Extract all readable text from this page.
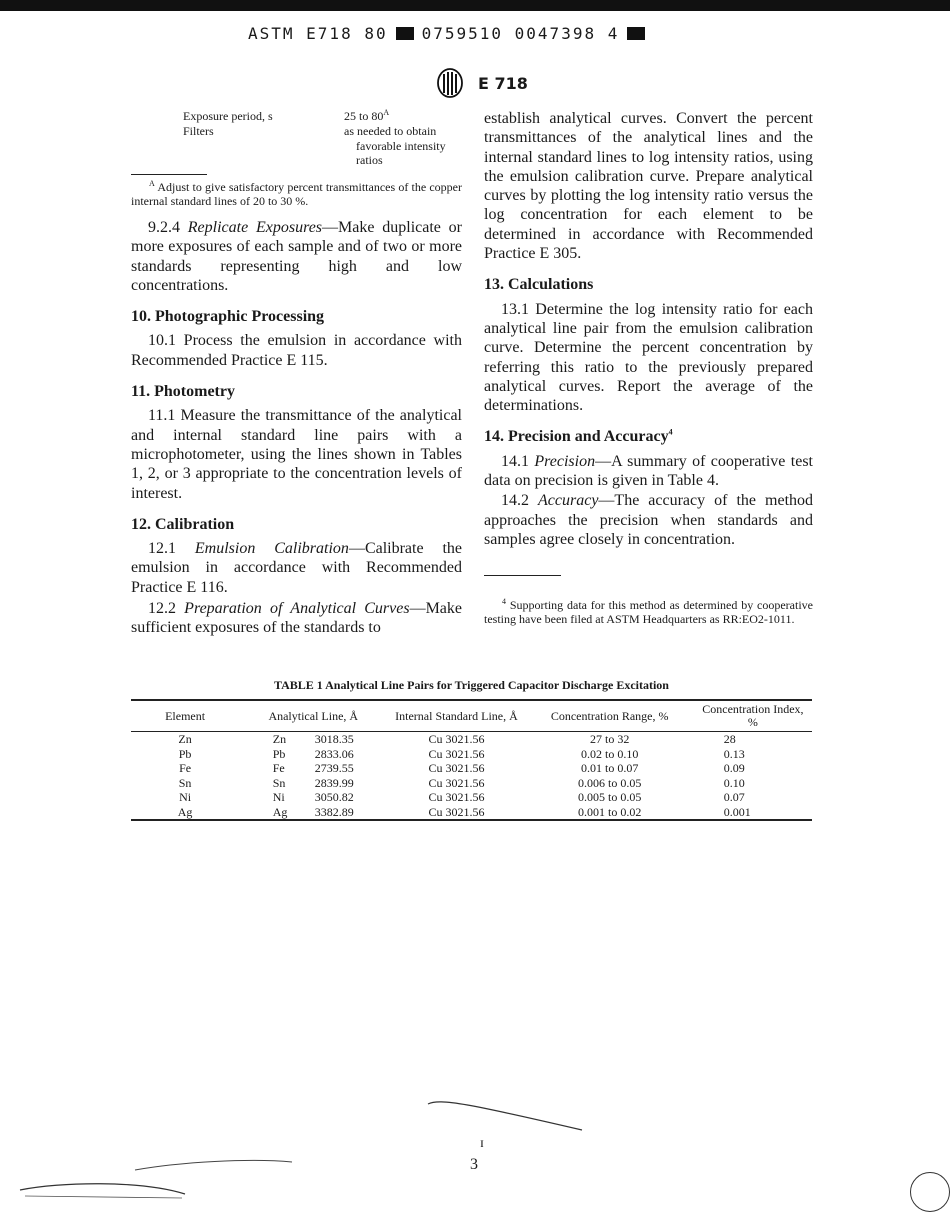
ASTM E718 80 0759510 0047398 4
E 718
Exposure period, s	25 to $80^A$
Filters	as needed to obtain favorable intensity ratios

$^A$ Adjust to give satisfactory percent transmittances of the copper internal standard lines of 20 to 30 %.

9.2.4 Replicate Exposures—Make duplicate or more exposures of each sample and of two or more standards representing high and low concentrations.

10. Photographic Processing

10.1 Process the emulsion in accordance with Recommended Practice E 115.

11. Photometry

11.1 Measure the transmittance of the analytical and internal standard line pairs with a microphotometer, using the lines shown in Tables 1, 2, or 3 appropriate to the concentration levels of interest.

12. Calibration

12.1 Emulsion Calibration—Calibrate the emulsion in accordance with Recommended Practice E 116.

12.2 Preparation of Analytical Curves—Make sufficient exposures of the standards to

establish analytical curves. Convert the percent transmittances of the analytical lines and the internal standard lines to log intensity ratios, using the emulsion calibration curve. Prepare analytical curves by plotting the log intensity ratio versus the log concentration for each element to be determined in accordance with Recommended Practice E 305.

13. Calculations

13.1 Determine the log intensity ratio for each analytical line pair from the emulsion calibration curve. Determine the percent concentration by referring this ratio to the previously prepared analytical curves. Report the average of the determinations.

14. Precision and Accuracy$^4$

14.1 Precision—A summary of cooperative test data on precision is given in Table 4.

14.2 Accuracy—The accuracy of the method approaches the precision when standards and samples agree closely in concentration.

$^4$ Supporting data for this method as determined by cooperative testing have been filed at ASTM Headquarters as RR:EO2-1011.

TABLE 1 Analytical Line Pairs for Triggered Capacitor Discharge Excitation
Element	Analytical Line, Å	Internal Standard Line, Å	Concentration Range, %	Concentration Index, %
Zn	Zn 3018.35	Cu 3021.56	27 to 32	28
Pb	Pb 2833.06	Cu 3021.56	0.02 to 0.10	0.13
Fe	Fe 2739.55	Cu 3021.56	0.01 to 0.07	0.09
Sn	Sn 2839.99	Cu 3021.56	0.006 to 0.05	0.10
Ni	Ni 3050.82	Cu 3021.56	0.005 to 0.05	0.07
Ag	Ag 3382.89	Cu 3021.56	0.001 to 0.02	0.001
ɪ
3
